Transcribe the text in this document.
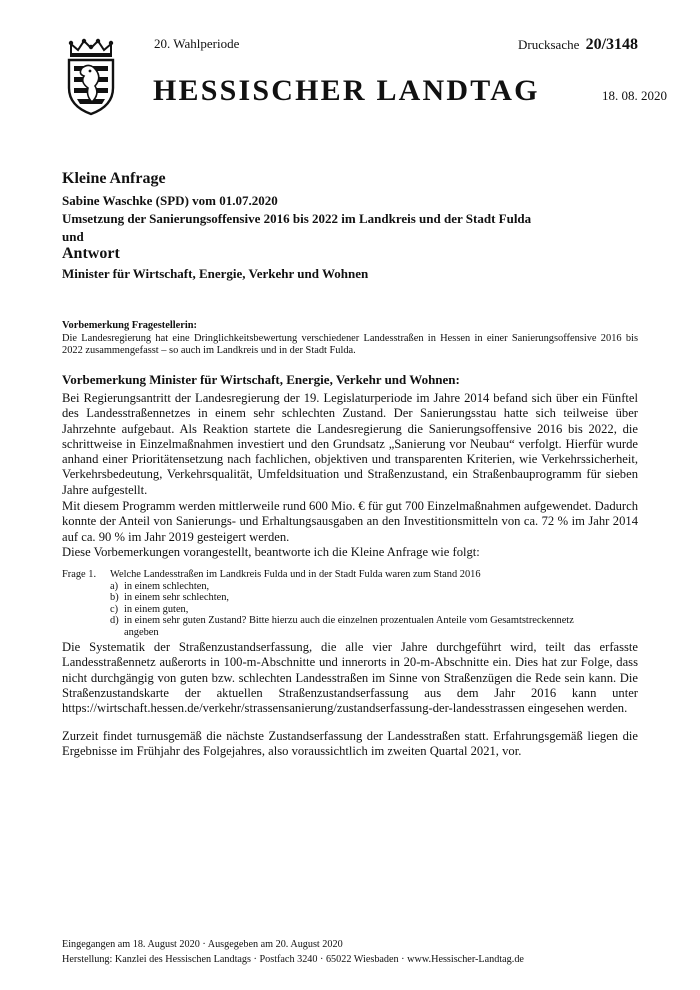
20. Wahlperiode	Drucksache 20/3148
HESSISCHER LANDTAG	18. 08. 2020
Kleine Anfrage
Sabine Waschke (SPD) vom 01.07.2020
Umsetzung der Sanierungsoffensive 2016 bis 2022 im Landkreis und der Stadt Fulda
und
Antwort
Minister für Wirtschaft, Energie, Verkehr und Wohnen
Vorbemerkung Fragestellerin:
Die Landesregierung hat eine Dringlichkeitsbewertung verschiedener Landesstraßen in Hessen in einer Sanierungsoffensive 2016 bis 2022 zusammengefasst – so auch im Landkreis und in der Stadt Fulda.
Vorbemerkung Minister für Wirtschaft, Energie, Verkehr und Wohnen:
Bei Regierungsantritt der Landesregierung der 19. Legislaturperiode im Jahre 2014 befand sich über ein Fünftel des Landesstraßennetzes in einem sehr schlechten Zustand. Der Sanierungsstau hatte sich teilweise über Jahrzehnte aufgebaut. Als Reaktion startete die Landesregierung die Sanierungsoffensive 2016 bis 2022, die schrittweise in Einzelmaßnahmen investiert und den Grundsatz „Sanierung vor Neubau“ verfolgt. Hierfür wurde anhand einer Prioritätensetzung nach fachlichen, objektiven und transparenten Kriterien, wie Verkehrssicherheit, Verkehrsbedeutung, Verkehrsqualität, Umfeldsituation und Straßenzustand, ein Straßenbauprogramm für sieben Jahre aufgestellt.
Mit diesem Programm werden mittlerweile rund 600 Mio. € für gut 700 Einzelmaßnahmen aufgewendet. Dadurch konnte der Anteil von Sanierungs- und Erhaltungsausgaben an den Investitionsmitteln von ca. 72 % im Jahr 2014 auf ca. 90 % im Jahr 2019 gesteigert werden.
Diese Vorbemerkungen vorangestellt, beantworte ich die Kleine Anfrage wie folgt:
Frage 1. Welche Landesstraßen im Landkreis Fulda und in der Stadt Fulda waren zum Stand 2016
a) in einem schlechten,
b) in einem sehr schlechten,
c) in einem guten,
d) in einem sehr guten Zustand? Bitte hierzu auch die einzelnen prozentualen Anteile vom Gesamtstreckennetz angeben
Die Systematik der Straßenzustandserfassung, die alle vier Jahre durchgeführt wird, teilt das erfasste Landesstraßennetz außerorts in 100-m-Abschnitte und innerorts in 20-m-Abschnitte ein. Dies hat zur Folge, dass nicht durchgängig von guten bzw. schlechten Landesstraßen im Sinne von Straßenzügen die Rede sein kann. Die Straßenzustandskarte der aktuellen Straßenzustandserfassung aus dem Jahr 2016 kann unter https://wirtschaft.hessen.de/verkehr/strassensanierung/zustandserfassung-der-landesstrassen eingesehen werden.
Zurzeit findet turnusgemäß die nächste Zustandserfassung der Landesstraßen statt. Erfahrungsgemäß liegen die Ergebnisse im Frühjahr des Folgejahres, also voraussichtlich im zweiten Quartal 2021, vor.
Eingegangen am 18. August 2020 · Ausgegeben am 20. August 2020
Herstellung: Kanzlei des Hessischen Landtags · Postfach 3240 · 65022 Wiesbaden · www.Hessischer-Landtag.de
